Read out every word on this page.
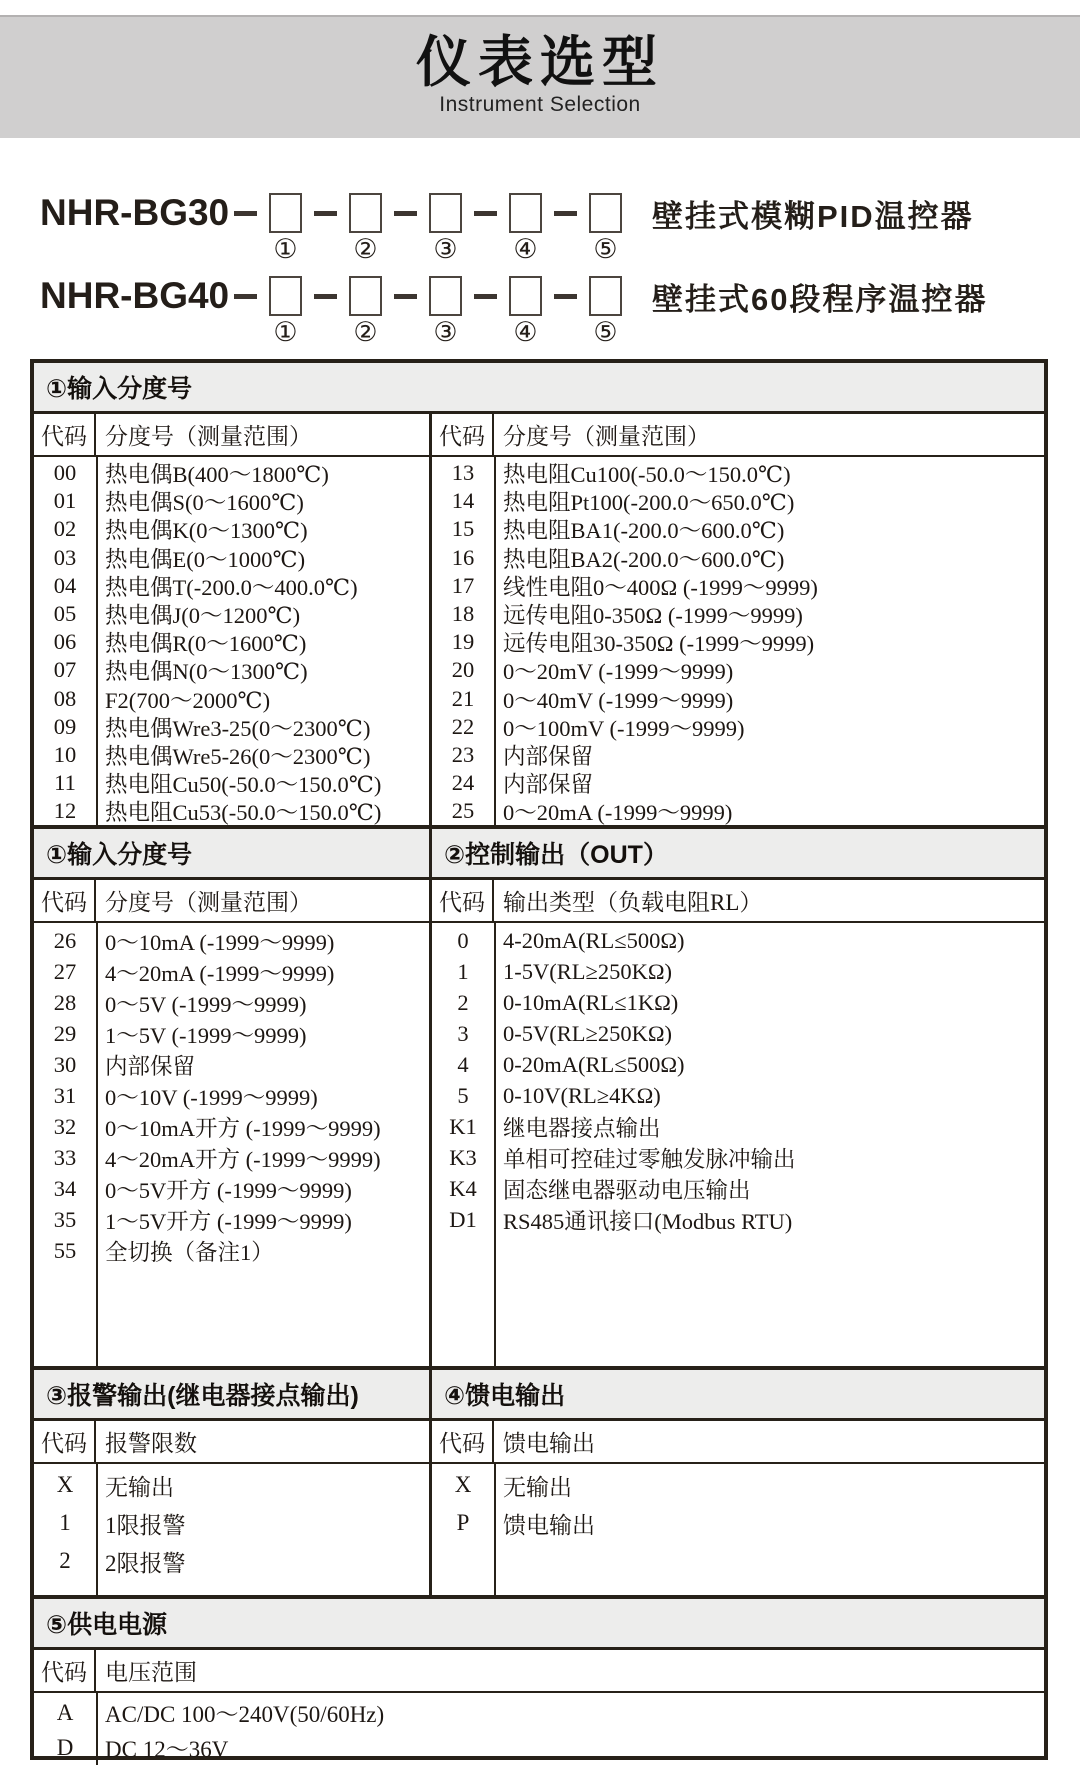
仪表选型
Instrument Selection
NHR-BG30
① ② ③ ④ ⑤
壁挂式模糊PID温控器
NHR-BG40
① ② ③ ④ ⑤
壁挂式60段程序温控器
①输入分度号
代码 分度号（测量范围）
00	热电偶B(400～1800℃)
01	热电偶S(0～1600℃)
02	热电偶K(0～1300℃)
03	热电偶E(0～1000℃)
04	热电偶T(-200.0～400.0℃)
05	热电偶J(0～1200℃)
06	热电偶R(0～1600℃)
07	热电偶N(0～1300℃)
08	F2(700～2000℃)
09	热电偶Wre3-25(0～2300℃)
10	热电偶Wre5-26(0～2300℃)
11	热电阻Cu50(-50.0～150.0℃)
12	热电阻Cu53(-50.0～150.0℃)
代码 分度号（测量范围）
13	热电阻Cu100(-50.0～150.0℃)
14	热电阻Pt100(-200.0～650.0℃)
15	热电阻BA1(-200.0～600.0℃)
16	热电阻BA2(-200.0～600.0℃)
17	线性电阻0～400Ω (-1999～9999)
18	远传电阻0-350Ω (-1999～9999)
19	远传电阻30-350Ω (-1999～9999)
20	0～20mV (-1999～9999)
21	0～40mV (-1999～9999)
22	0～100mV (-1999～9999)
23	内部保留
24	内部保留
25	0～20mA (-1999～9999)
①输入分度号	②控制输出（OUT）
代码 分度号（测量范围）
26	0～10mA (-1999～9999)
27	4～20mA (-1999～9999)
28	0～5V (-1999～9999)
29	1～5V (-1999～9999)
30	内部保留
31	0～10V (-1999～9999)
32	0～10mA开方 (-1999～9999)
33	4～20mA开方 (-1999～9999)
34	0～5V开方 (-1999～9999)
35	1～5V开方 (-1999～9999)
55	全切换（备注1）
代码 输出类型（负载电阻RL）
0	4-20mA(RL≤500Ω)
1	1-5V(RL≥250KΩ)
2	0-10mA(RL≤1KΩ)
3	0-5V(RL≥250KΩ)
4	0-20mA(RL≤500Ω)
5	0-10V(RL≥4KΩ)
K1	继电器接点输出
K3	单相可控硅过零触发脉冲输出
K4	固态继电器驱动电压输出
D1	RS485通讯接口(Modbus RTU)
③报警输出(继电器接点输出)	④馈电输出
代码 报警限数
X	无输出
1	1限报警
2	2限报警
代码 馈电输出
X	无输出
P	馈电输出
⑤供电电源
代码 电压范围
A	AC/DC 100～240V(50/60Hz)
D	DC 12～36V
